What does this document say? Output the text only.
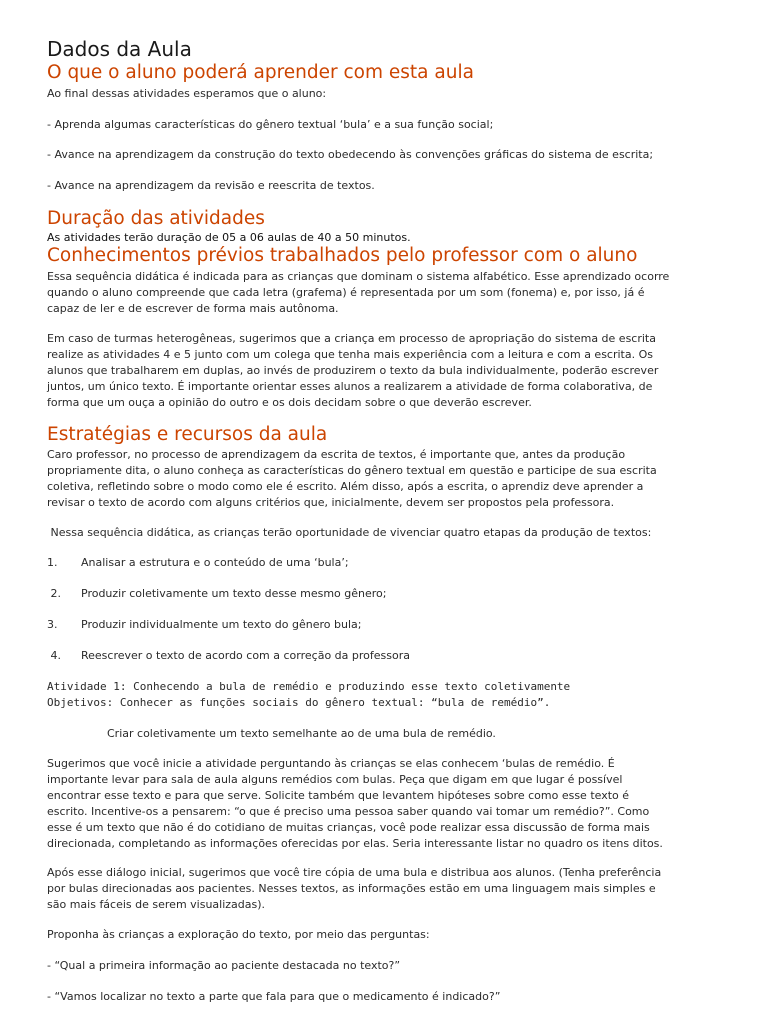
Dados da Aula
O que o aluno poderá aprender com esta aula

Ao final dessas atividades esperamos que o aluno:

- Aprenda algumas características do gênero textual ‘bula’ e a sua função social;

- Avance na aprendizagem da construção do texto obedecendo às convenções gráficas do sistema de escrita;

- Avance na aprendizagem da revisão e reescrita de textos.

Duração das atividades

As atividades terão duração de 05 a 06 aulas de 40 a 50 minutos.

Conhecimentos prévios trabalhados pelo professor com o aluno

Essa sequência didática é indicada para as crianças que dominam o sistema alfabético. Esse aprendizado ocorre

quando o aluno compreende que cada letra (grafema) é representada por um som (fonema) e, por isso, já é

capaz de ler e de escrever de forma mais autônoma.

Em caso de turmas heterogêneas, sugerimos que a criança em processo de apropriação do sistema de escrita

realize as atividades 4 e 5 junto com um colega que tenha mais experiência com a leitura e com a escrita. Os

alunos que trabalharem em duplas, ao invés de produzirem o texto da bula individualmente, poderão escrever

juntos, um único texto. É importante orientar esses alunos a realizarem a atividade de forma colaborativa, de

forma que um ouça a opinião do outro e os dois decidam sobre o que deverão escrever.

Estratégias e recursos da aula

Caro professor, no processo de aprendizagem da escrita de textos, é importante que, antes da produção

propriamente dita, o aluno conheça as características do gênero textual em questão e participe de sua escrita

coletiva, refletindo sobre o modo como ele é escrito. Além disso, após a escrita, o aprendiz deve aprender a

revisar o texto de acordo com alguns critérios que, inicialmente, devem ser propostos pela professora.

Nessa sequência didática, as crianças terão oportunidade de vivenciar quatro etapas da produção de textos:

1. Analisar a estrutura e o conteúdo de uma ‘bula’;

2. Produzir coletivamente um texto desse mesmo gênero;

3. Produzir individualmente um texto do gênero bula;

4. Reescrever o texto de acordo com a correção da professora

Atividade 1: Conhecendo a bula de remédio e produzindo esse texto coletivamente

Objetivos: Conhecer as funções sociais do gênero textual: “bula de remédio”.

Criar coletivamente um texto semelhante ao de uma bula de remédio.

Sugerimos que você inicie a atividade perguntando às crianças se elas conhecem ‘bulas de remédio. É

importante levar para sala de aula alguns remédios com bulas. Peça que digam em que lugar é possível

encontrar esse texto e para que serve. Solicite também que levantem hipóteses sobre como esse texto é

escrito. Incentive-os a pensarem: “o que é preciso uma pessoa saber quando vai tomar um remédio?”. Como

esse é um texto que não é do cotidiano de muitas crianças, você pode realizar essa discussão de forma mais

direcionada, completando as informações oferecidas por elas. Seria interessante listar no quadro os itens ditos.

Após esse diálogo inicial, sugerimos que você tire cópia de uma bula e distribua aos alunos. (Tenha preferência

por bulas direcionadas aos pacientes. Nesses textos, as informações estão em uma linguagem mais simples e

são mais fáceis de serem visualizadas).

Proponha às crianças a exploração do texto, por meio das perguntas:

- “Qual a primeira informação ao paciente destacada no texto?”

- “Vamos localizar no texto a parte que fala para que o medicamento é indicado?”
